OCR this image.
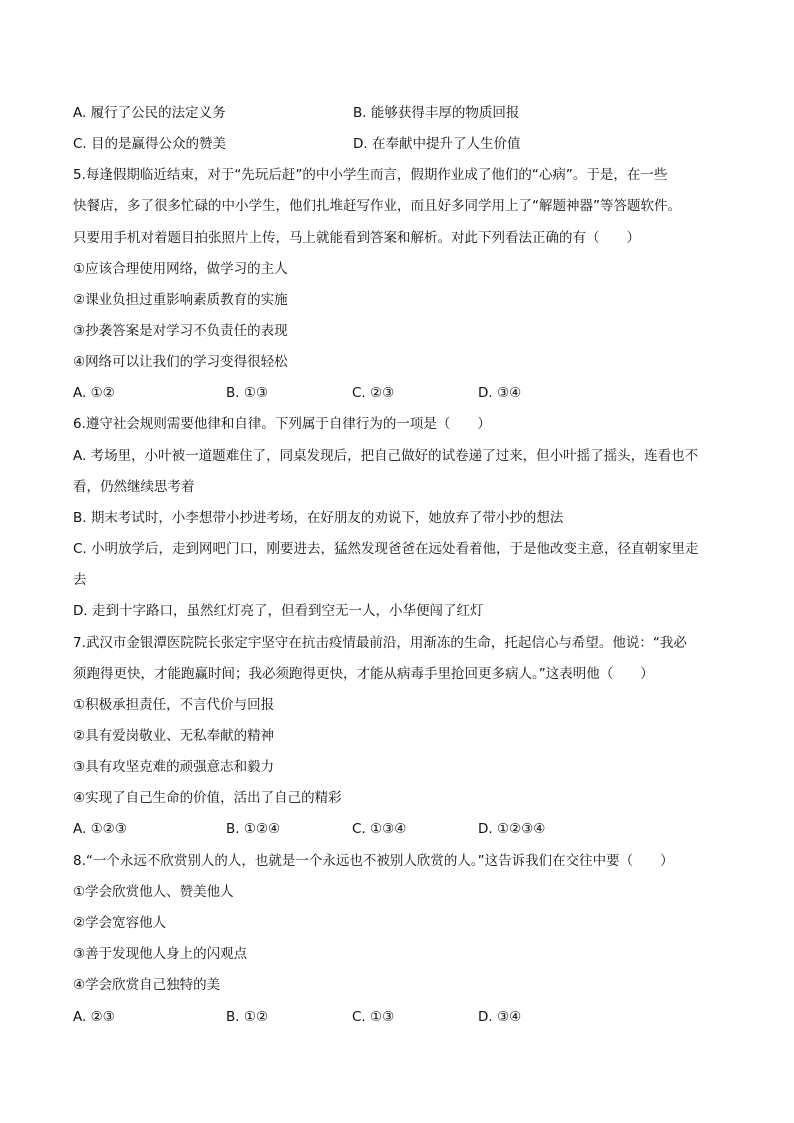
A. 履行了公民的法定义务	B. 能够获得丰厚的物质回报
C. 目的是赢得公众的赞美	D. 在奉献中提升了人生价值
5.每逢假期临近结束，对于“先玩后赶”的中小学生而言，假期作业成了他们的“心病”。于是，在一些
快餐店，多了很多忙碌的中小学生，他们扎堆赶写作业，而且好多同学用上了“解题神器”等答题软件。
只要用手机对着题目拍张照片上传，马上就能看到答案和解析。对此下列看法正确的有（　　）
①应该合理使用网络，做学习的主人
②课业负担过重影响素质教育的实施
③抄袭答案是对学习不负责任的表现
④网络可以让我们的学习变得很轻松
A. ①②	B. ①③	C. ②③	D. ③④
6.遵守社会规则需要他律和自律。下列属于自律行为的一项是（　　）
A. 考场里，小叶被一道题难住了，同桌发现后，把自己做好的试卷递了过来，但小叶摇了摇头，连看也不
看，仍然继续思考着
B. 期末考试时，小李想带小抄进考场，在好朋友的劝说下，她放弃了带小抄的想法
C. 小明放学后，走到网吧门口，刚要进去，猛然发现爸爸在远处看着他，于是他改变主意，径直朝家里走
去
D. 走到十字路口，虽然红灯亮了，但看到空无一人，小华便闯了红灯
7.武汉市金银潭医院院长张定宇坚守在抗击疫情最前沿，用渐冻的生命，托起信心与希望。他说：“我必
须跑得更快，才能跑赢时间；我必须跑得更快，才能从病毒手里抢回更多病人。”这表明他（　　）
①积极承担责任，不言代价与回报
②具有爱岗敬业、无私奉献的精神
③具有攻坚克难的顽强意志和毅力
④实现了自己生命的价值，活出了自己的精彩
A. ①②③	B. ①②④	C. ①③④	D. ①②③④
8.“一个永远不欣赏别人的人，也就是一个永远也不被别人欣赏的人。”这告诉我们在交往中要（　　）
①学会欣赏他人、赞美他人
②学会宽容他人
③善于发现他人身上的闪观点
④学会欣赏自己独特的美
A. ②③	B. ①②	C. ①③	D. ③④
